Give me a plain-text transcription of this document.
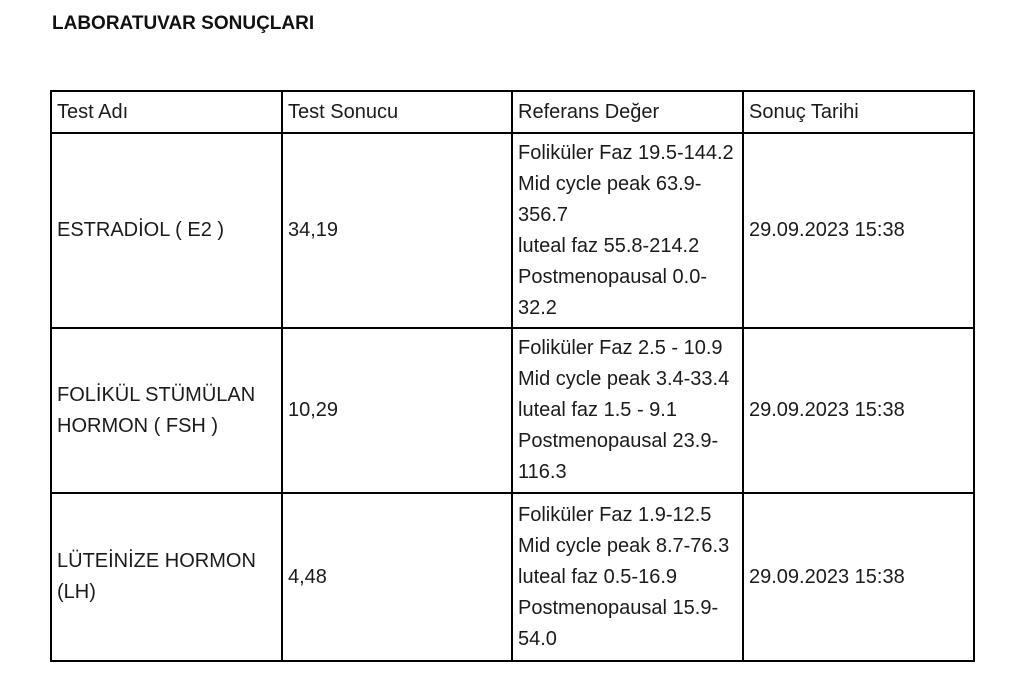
LABORATUVAR SONUÇLARI
Test Adı	Test Sonucu	Referans Değer	Sonuç Tarihi
ESTRADİOL ( E2 )	34,19	Foliküler Faz 19.5-144.2
Mid cycle peak 63.9-356.7
luteal faz 55.8-214.2
Postmenopausal 0.0-32.2	29.09.2023 15:38
FOLİKÜL STÜMÜLAN HORMON ( FSH )	10,29	Foliküler Faz 2.5 - 10.9
Mid cycle peak 3.4-33.4
luteal faz 1.5 - 9.1
Postmenopausal 23.9-116.3	29.09.2023 15:38
LÜTEİNİZE HORMON (LH)	4,48	Foliküler Faz 1.9-12.5
Mid cycle peak 8.7-76.3
luteal faz 0.5-16.9
Postmenopausal 15.9-54.0	29.09.2023 15:38
